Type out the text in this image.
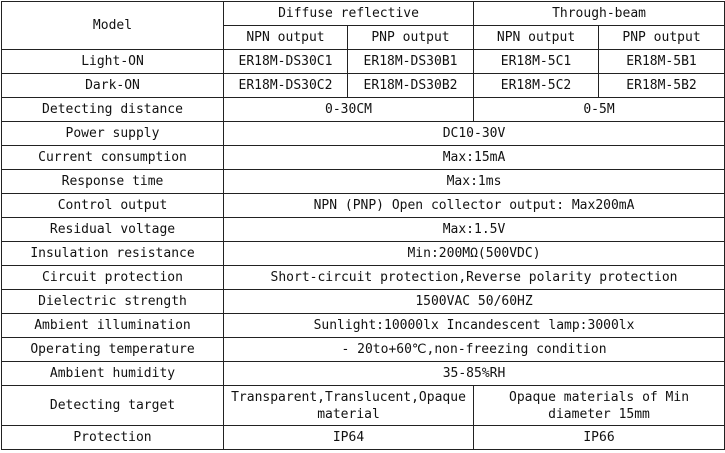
Model	Diffuse reflective		Through-beam	
	NPN output	PNP output	NPN output	PNP output
Light-ON	ER18M-DS30C1	ER18M-DS30B1	ER18M-5C1	ER18M-5B1
Dark-ON	ER18M-DS30C2	ER18M-DS30B2	ER18M-5C2	ER18M-5B2
Detecting distance	0-30CM		0-5M	
Power supply	DC10-30V			
Current consumption	Max:15mA			
Response time	Max:1ms			
Control output	NPN (PNP) Open collector output: Max200mA			
Residual voltage	Max:1.5V			
Insulation resistance	Min:200MΩ(500VDC)			
Circuit protection	Short-circuit protection,Reverse polarity protection			
Dielectric strength	1500VAC 50/60HZ			
Ambient illumination	Sunlight:10000lx Incandescent lamp:3000lx			
Operating temperature	- 20to+60℃,non-freezing condition			
Ambient humidity	35-85%RH			
Detecting target	Transparent,Translucent,Opaque material		Opaque materials of Min diameter 15mm	
Protection	IP64		IP66	
